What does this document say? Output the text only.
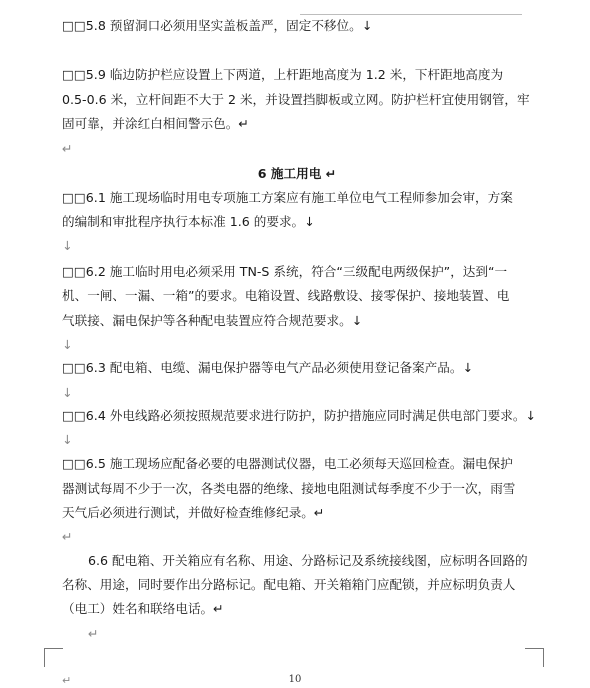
□□5.8 预留洞口必须用坚实盖板盖严，固定不移位。↓
□□5.9 临边防护栏应设置上下两道，上杆距地高度为 1.2 米，下杆距地高度为
0.5-0.6 米，立杆间距不大于 2 米，并设置挡脚板或立网。防护栏杆宜使用钢管，牢
固可靠，并涂红白相间警示色。↵
↵
6 施工用电 ↵
□□6.1 施工现场临时用电专项施工方案应有施工单位电气工程师参加会审，方案
的编制和审批程序执行本标准 1.6 的要求。↓
↓
□□6.2 施工临时用电必须采用 TN-S 系统，符合“三级配电两级保护”，达到“一
机、一闸、一漏、一箱”的要求。电箱设置、线路敷设、接零保护、接地装置、电
气联接、漏电保护等各种配电装置应符合规范要求。↓
↓
□□6.3 配电箱、电缆、漏电保护器等电气产品必须使用登记备案产品。↓
↓
□□6.4 外电线路必须按照规范要求进行防护，防护措施应同时满足供电部门要求。↓
↓
□□6.5 施工现场应配备必要的电器测试仪器，电工必须每天巡回检查。漏电保护
器测试每周不少于一次，各类电器的绝缘、接地电阻测试每季度不少于一次，雨雪
天气后必须进行测试，并做好检查维修纪录。↵
↵
6.6 配电箱、开关箱应有名称、用途、分路标记及系统接线图，应标明各回路的
名称、用途，同时要作出分路标记。配电箱、开关箱箱门应配锁，并应标明负责人
（电工）姓名和联络电话。↵
↵
↵	10
